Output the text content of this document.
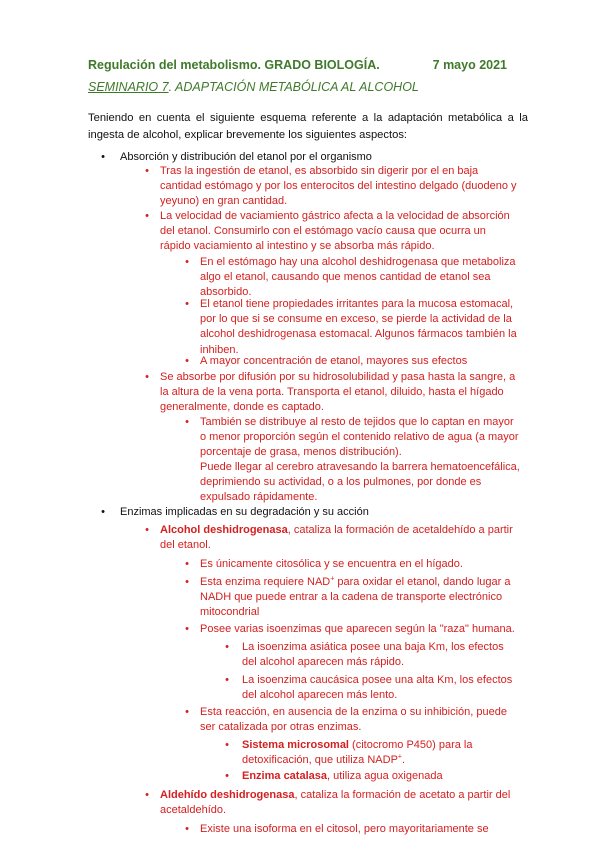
Regulación del metabolismo. GRADO BIOLOGÍA.	7 mayo 2021
SEMINARIO 7. ADAPTACIÓN METABÓLICA AL ALCOHOL
Teniendo en cuenta el siguiente esquema referente a la adaptación metabólica a la ingesta de alcohol, explicar brevemente los siguientes aspectos:
• Absorción y distribución del etanol por el organismo
• Tras la ingestión de etanol, es absorbido sin digerir por el en baja cantidad estómago y por los enterocitos del intestino delgado (duodeno y yeyuno) en gran cantidad.
• La velocidad de vaciamiento gástrico afecta a la velocidad de absorción del etanol. Consumirlo con el estómago vacío causa que ocurra un rápido vaciamiento al intestino y se absorba más rápido.
• En el estómago hay una alcohol deshidrogenasa que metaboliza algo el etanol, causando que menos cantidad de etanol sea absorbido.
• El etanol tiene propiedades irritantes para la mucosa estomacal, por lo que si se consume en exceso, se pierde la actividad de la alcohol deshidrogenasa estomacal. Algunos fármacos también la inhiben.
• A mayor concentración de etanol, mayores sus efectos
• Se absorbe por difusión por su hidrosolubilidad y pasa hasta la sangre, a la altura de la vena porta. Transporta el etanol, diluido, hasta el hígado generalmente, donde es captado.
• También se distribuye al resto de tejidos que lo captan en mayor o menor proporción según el contenido relativo de agua (a mayor porcentaje de grasa, menos distribución).
Puede llegar al cerebro atravesando la barrera hematoencefálica, deprimiendo su actividad, o a los pulmones, por donde es expulsado rápidamente.
• Enzimas implicadas en su degradación y su acción
• Alcohol deshidrogenasa, cataliza la formación de acetaldehído a partir del etanol.
• Es únicamente citosólica y se encuentra en el hígado.
• Esta enzima requiere NAD+ para oxidar el etanol, dando lugar a NADH que puede entrar a la cadena de transporte electrónico mitocondrial
• Posee varias isoenzimas que aparecen según la "raza" humana.
• La isoenzima asiática posee una baja Km, los efectos del alcohol aparecen más rápido.
• La isoenzima caucásica posee una alta Km, los efectos del alcohol aparecen más lento.
• Esta reacción, en ausencia de la enzima o su inhibición, puede ser catalizada por otras enzimas.
• Sistema microsomal (citocromo P450) para la detoxificación, que utiliza NADP+.
• Enzima catalasa, utiliza agua oxigenada
• Aldehído deshidrogenasa, cataliza la formación de acetato a partir del acetaldehído.
• Existe una isoforma en el citosol, pero mayoritariamente se
